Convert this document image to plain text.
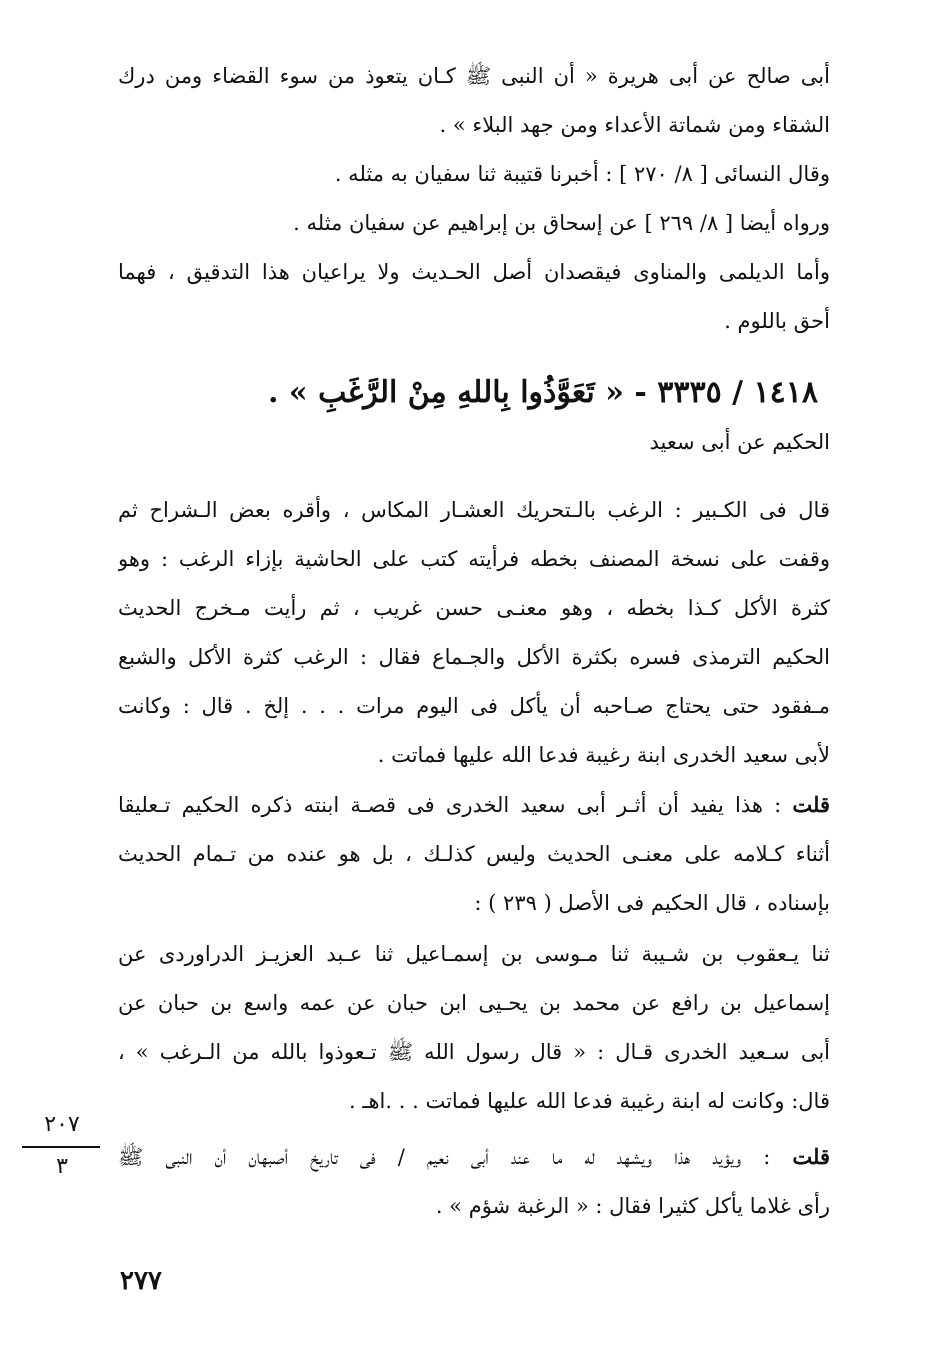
أبى صالح عن أبى هريرة « أن النبى ﷺ كـان يتعوذ من سوء القضاء ومن درك
الشقاء ومن شماتة الأعداء ومن جهد البلاء » .
وقال النسائى [ ٨/ ٢٧٠ ] : أخبرنا قتيبة ثنا سفيان به مثله .
ورواه أيضا [ ٨/ ٢٦٩ ] عن إسحاق بن إبراهيم عن سفيان مثله .
وأما الديلمى والمناوى فيقصدان أصل الحـديث ولا يراعيان هذا التدقيق ، فهما
أحق باللوم .
١٤١٨ / ٣٣٣٥ - « تَعَوَّذُوا بِاللهِ مِنْ الرَّغَبِ » .
الحكيم عن أبى سعيد
قال فى الكـبير : الرغب بالـتحريك العشـار المكاس ، وأقره بعض الـشراح ثم
وقفت على نسخة المصنف بخطه فرأيته كتب على الحاشية بإزاء الرغب : وهو
كثرة الأكل كـذا بخطه ، وهو معنـى حسن غريب ، ثم رأيت مـخرج الحديث
الحكيم الترمذى فسره بكثرة الأكل والجـماع فقال : الرغب كثرة الأكل والشبع
مـفقود حتى يحتاج صـاحبه أن يأكل فى اليوم مرات . . . إلخ . قال : وكانت
لأبى سعيد الخدرى ابنة رغيبة فدعا الله عليها فماتت .
قلت : هذا يفيد أن أثـر أبى سعيد الخدرى فى قصـة ابنته ذكره الحكيم تـعليقا
أثناء كـلامه على معنـى الحديث وليس كذلـك ، بل هو عنده من تـمام الحديث
بإسناده ، قال الحكيم فى الأصل ( ٢٣٩ ) :
ثنا يـعقوب بن شـيبة ثنا مـوسى بن إسمـاعيل ثنا عـبد العزيـز الدراوردى عن
إسماعيل بن رافع عن محمد بن يحـيى ابن حبان عن عمه واسع بن حبان عن
أبى سـعيد الخدرى قـال : « قال رسول الله ﷺ تـعوذوا بالله من الـرغب » ،
قال: وكانت له ابنة رغيبة فدعا الله عليها فماتت . . .اهـ .
قلت : ويؤيد هذا ويشهد له ما عند أبى نعيم / فى تاريخ أصبهان أن النبى ﷺ
رأى غلاما يأكل كثيرا فقال : « الرغبة شؤم » .
٢٠٧
٣
٢٧٧
